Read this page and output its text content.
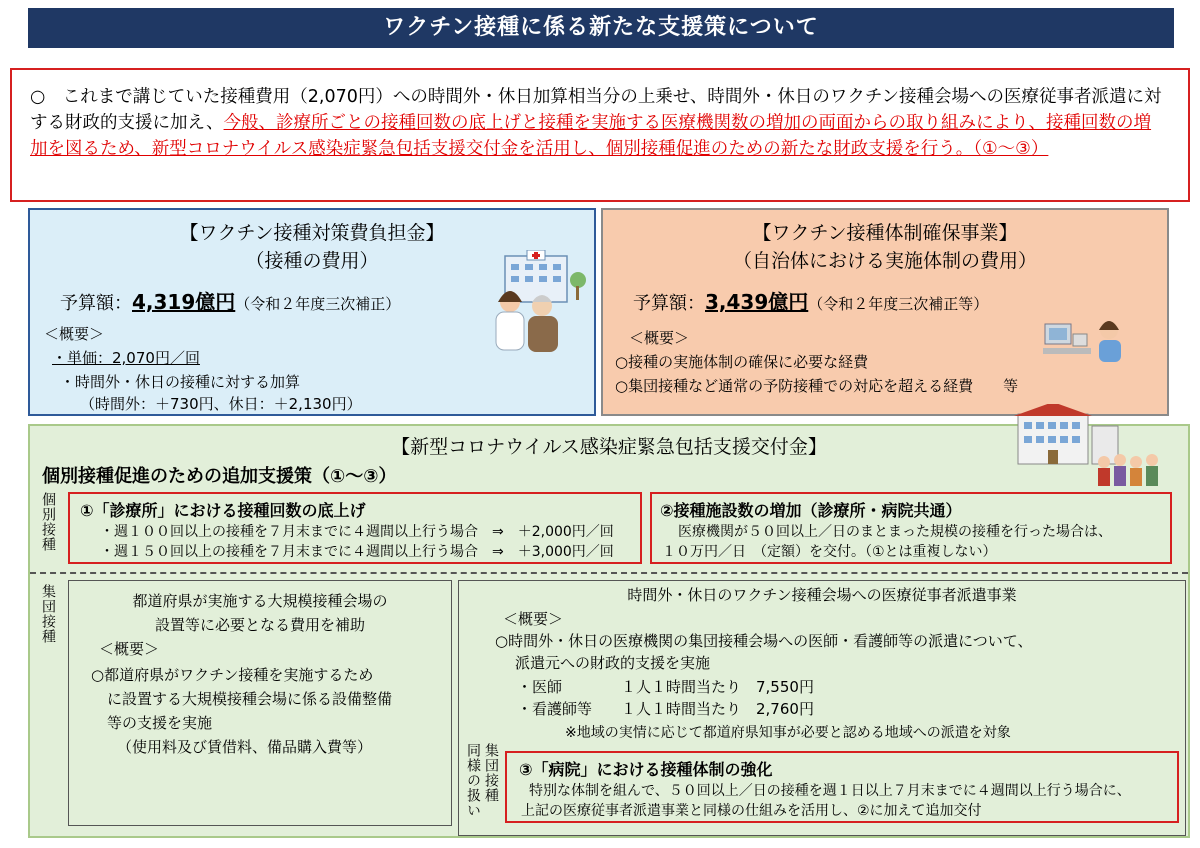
ワクチン接種に係る新たな支援策について
○　 これまで講じていた接種費用（2,070円）への時間外・休日加算相当分の上乗せ、時間外・休日のワクチン接種会場への医療従事者派遣に対する財政的支援に加え、今般、診療所ごとの接種回数の底上げと接種を実施する医療機関数の増加の両面からの取り組みにより、接種回数の増加を図るため、新型コロナウイルス感染症緊急包括支援交付金を活用し、個別接種促進のための新たな財政支援を行う。（①～③）
【ワクチン接種対策費負担金】
（接種の費用）
予算額：4,319億円（令和２年度三次補正）
＜概要＞
・単価：2,070円／回
・時間外・休日の接種に対する加算
（時間外：＋730円、休日：＋2,130円）
【ワクチン接種体制確保事業】
（自治体における実施体制の費用）
予算額：3,439億円（令和２年度三次補正等）
＜概要＞
○接種の実施体制の確保に必要な経費
○集団接種など通常の予防接種での対応を超える経費　　等
【新型コロナウイルス感染症緊急包括支援交付金】
個別接種促進のための追加支援策（①～③）
個別接種 ①「診療所」における接種回数の底上げ
・週１００回以上の接種を７月末までに４週間以上行う場合　⇒　＋2,000円／回
・週１５０回以上の接種を７月末までに４週間以上行う場合　⇒　＋3,000円／回
②接種施設数の増加（診療所・病院共通）
医療機関が５０回以上／日のまとまった規模の接種を行った場合は、
１０万円／日　（定額）を交付。（①とは重複しない）
集団接種	都道府県が実施する大規模接種会場の
設置等に必要となる費用を補助
＜概要＞
○都道府県がワクチン接種を実施するため
に設置する大規模接種会場に係る設備整備
等の支援を実施
（使用料及び賃借料、備品購入費等）
時間外・休日のワクチン接種会場への医療従事者派遣事業
＜概要＞
○時間外・休日の医療機関の集団接種会場への医師・看護師等の派遣について、
派遣元への財政的支援を実施
・医師	１人１時間当たり　7,550円
・看護師等 １人１時間当たり　2,760円
※地域の実情に応じて都道府県知事が必要と認める地域への派遣を対象
同様の扱い 集団接種 ③「病院」における接種体制の強化
特別な体制を組んで、５０回以上／日の接種を週１日以上７月末までに４週間以上行う場合に、
上記の医療従事者派遣事業と同様の仕組みを活用し、②に加えて追加交付
